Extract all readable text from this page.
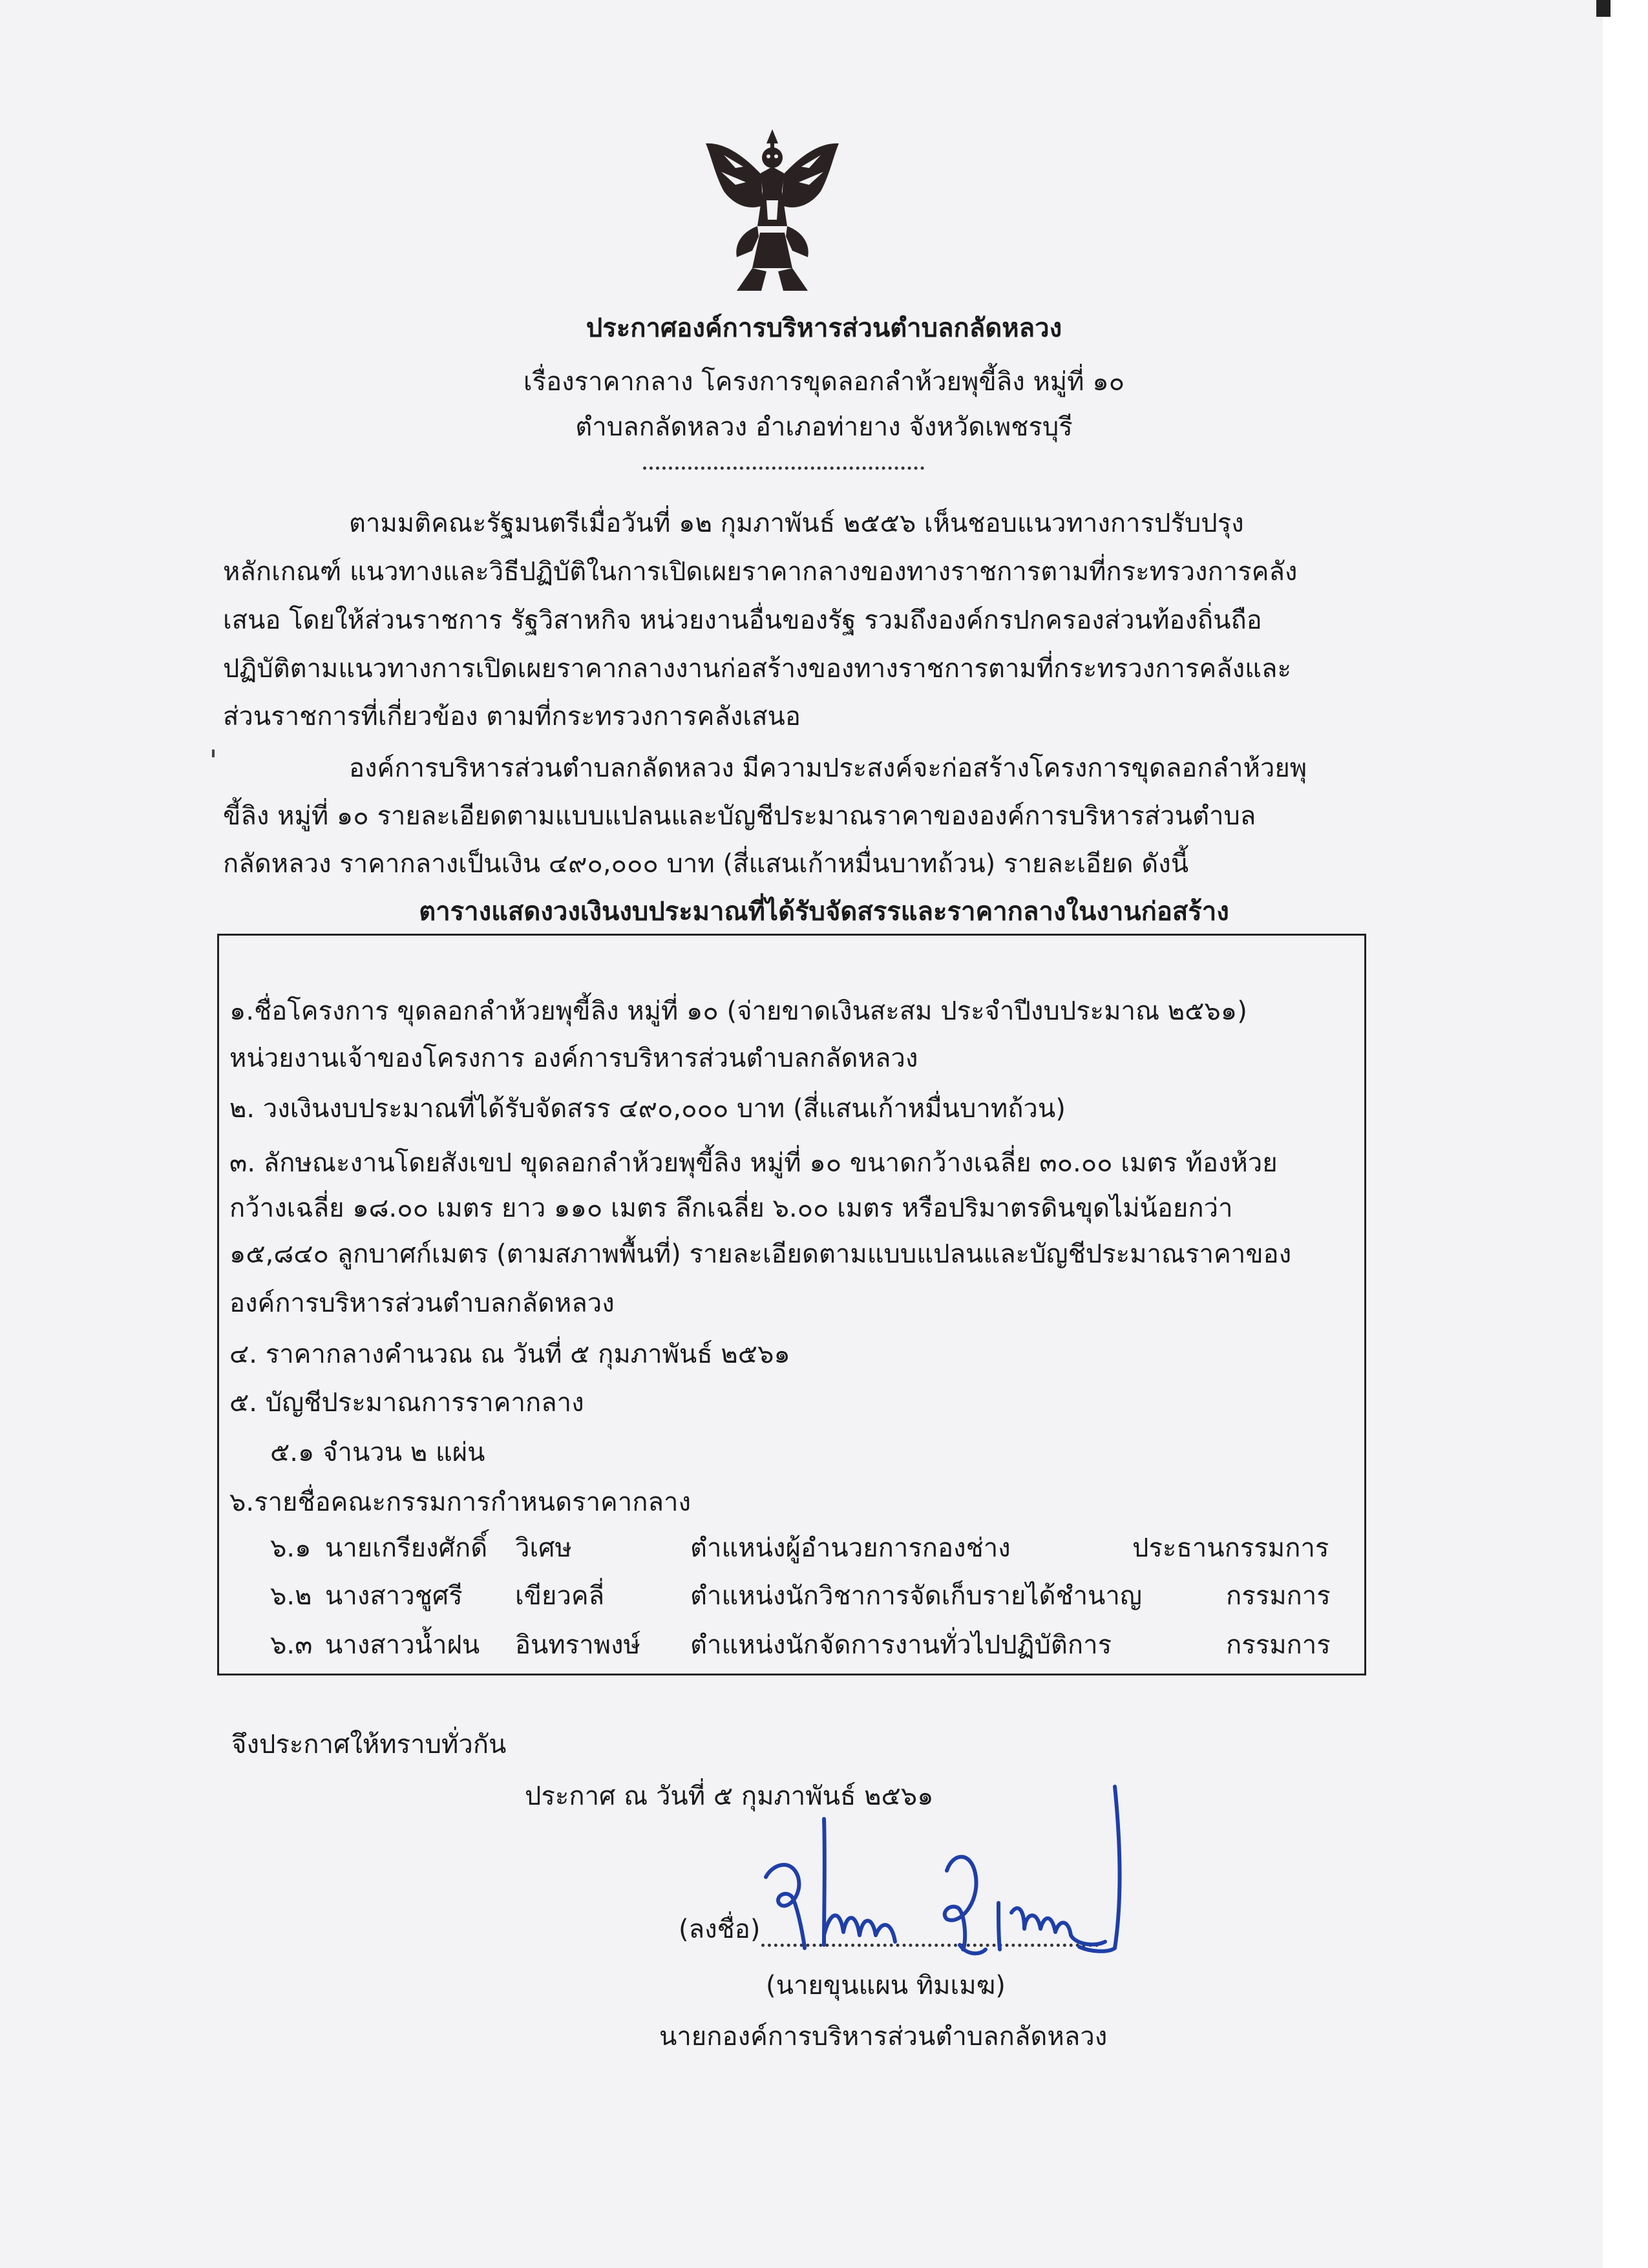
ประกาศองค์การบริหารส่วนตำบลกลัดหลวง
เรื่องราคากลาง โครงการขุดลอกลำห้วยพุขี้ลิง หมู่ที่ ๑๐
ตำบลกลัดหลวง อำเภอท่ายาง จังหวัดเพชรบุรี
ตามมติคณะรัฐมนตรีเมื่อวันที่ ๑๒ กุมภาพันธ์ ๒๕๕๖ เห็นชอบแนวทางการปรับปรุง
หลักเกณฑ์ แนวทางและวิธีปฏิบัติในการเปิดเผยราคากลางของทางราชการตามที่กระทรวงการคลัง
เสนอ โดยให้ส่วนราชการ รัฐวิสาหกิจ หน่วยงานอื่นของรัฐ รวมถึงองค์กรปกครองส่วนท้องถิ่นถือ
ปฏิบัติตามแนวทางการเปิดเผยราคากลางงานก่อสร้างของทางราชการตามที่กระทรวงการคลังและ
ส่วนราชการที่เกี่ยวข้อง ตามที่กระทรวงการคลังเสนอ
องค์การบริหารส่วนตำบลกลัดหลวง มีความประสงค์จะก่อสร้างโครงการขุดลอกลำห้วยพุ
ขี้ลิง หมู่ที่ ๑๐ รายละเอียดตามแบบแปลนและบัญชีประมาณราคาขององค์การบริหารส่วนตำบล
กลัดหลวง ราคากลางเป็นเงิน ๔๙๐,๐๐๐ บาท (สี่แสนเก้าหมื่นบาทถ้วน) รายละเอียด ดังนี้
ตารางแสดงวงเงินงบประมาณที่ได้รับจัดสรรและราคากลางในงานก่อสร้าง
๑.ชื่อโครงการ ขุดลอกลำห้วยพุขี้ลิง หมู่ที่ ๑๐ (จ่ายขาดเงินสะสม ประจำปีงบประมาณ ๒๕๖๑)
หน่วยงานเจ้าของโครงการ องค์การบริหารส่วนตำบลกลัดหลวง
๒. วงเงินงบประมาณที่ได้รับจัดสรร ๔๙๐,๐๐๐ บาท (สี่แสนเก้าหมื่นบาทถ้วน)
๓. ลักษณะงานโดยสังเขป ขุดลอกลำห้วยพุขี้ลิง หมู่ที่ ๑๐ ขนาดกว้างเฉลี่ย ๓๐.๐๐ เมตร ท้องห้วย
กว้างเฉลี่ย ๑๘.๐๐ เมตร ยาว ๑๑๐ เมตร ลึกเฉลี่ย ๖.๐๐ เมตร หรือปริมาตรดินขุดไม่น้อยกว่า
๑๕,๘๔๐ ลูกบาศก์เมตร (ตามสภาพพื้นที่) รายละเอียดตามแบบแปลนและบัญชีประมาณราคาของ
องค์การบริหารส่วนตำบลกลัดหลวง
๔. ราคากลางคำนวณ ณ วันที่ ๕ กุมภาพันธ์ ๒๕๖๑
๕. บัญชีประมาณการราคากลาง
๕.๑ จำนวน ๒ แผ่น
๖.รายชื่อคณะกรรมการกำหนดราคากลาง
๖.๑ นายเกรียงศักดิ์ วิเศษ	ตำแหน่งผู้อำนวยการกองช่าง	ประธานกรรมการ
๖.๒ นางสาวชูศรี เขียวคลี่	ตำแหน่งนักวิชาการจัดเก็บรายได้ชำนาญ	กรรมการ
๖.๓ นางสาวน้ำฝน อินทราพงษ์ ตำแหน่งนักจัดการงานทั่วไปปฏิบัติการ	กรรมการ
จึงประกาศให้ทราบทั่วกัน
ประกาศ ณ วันที่ ๕ กุมภาพันธ์ ๒๕๖๑
(ลงชื่อ)
(นายขุนแผน ทิมเมฆ)
นายกองค์การบริหารส่วนตำบลกลัดหลวง
